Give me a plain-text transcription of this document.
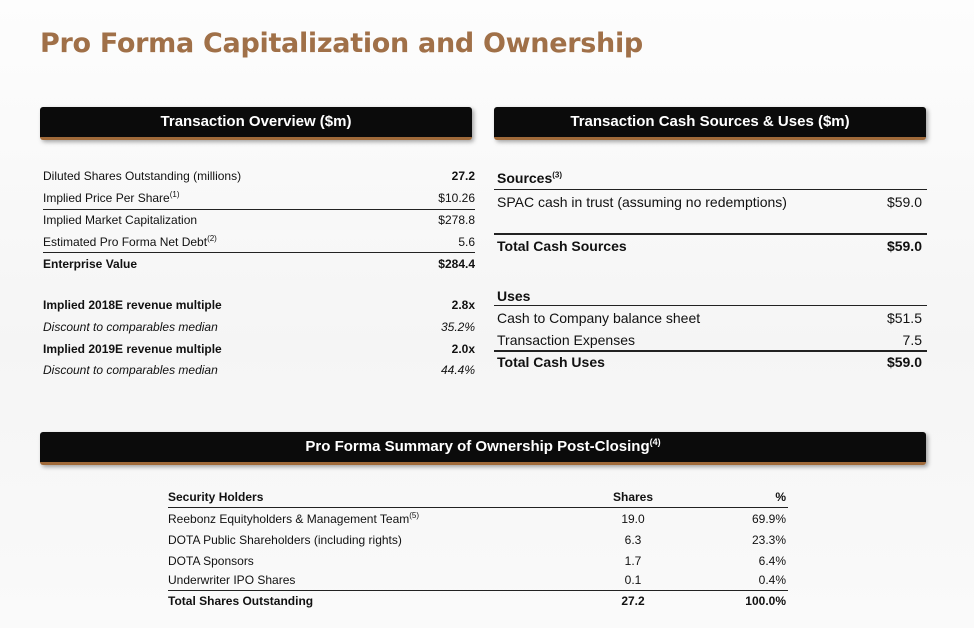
Pro Forma Capitalization and Ownership
Transaction Overview ($m)
Diluted Shares Outstanding (millions)	27.2
Implied Price Per Share$^{(1)}$	$10.26
Implied Market Capitalization	$278.8
Estimated Pro Forma Net Debt$^{(2)}$	5.6
Enterprise Value	$284.4
Implied 2018E revenue multiple	2.8x
Discount to comparables median	35.2%
Implied 2019E revenue multiple	2.0x
Discount to comparables median	44.4%
Transaction Cash Sources & Uses ($m)
Sources$^{(3)}$
SPAC cash in trust (assuming no redemptions)	$59.0
Total Cash Sources	$59.0
Uses
Cash to Company balance sheet	$51.5
Transaction Expenses	7.5
Total Cash Uses	$59.0
Pro Forma Summary of Ownership Post-Closing$^{(4)}$
Security Holders	Shares	%
Reebonz Equityholders & Management Team$^{(5)}$	19.0	69.9%
DOTA Public Shareholders (including rights)	6.3	23.3%
DOTA Sponsors	1.7	6.4%
Underwriter IPO Shares	0.1	0.4%
Total Shares Outstanding	27.2	100.0%
